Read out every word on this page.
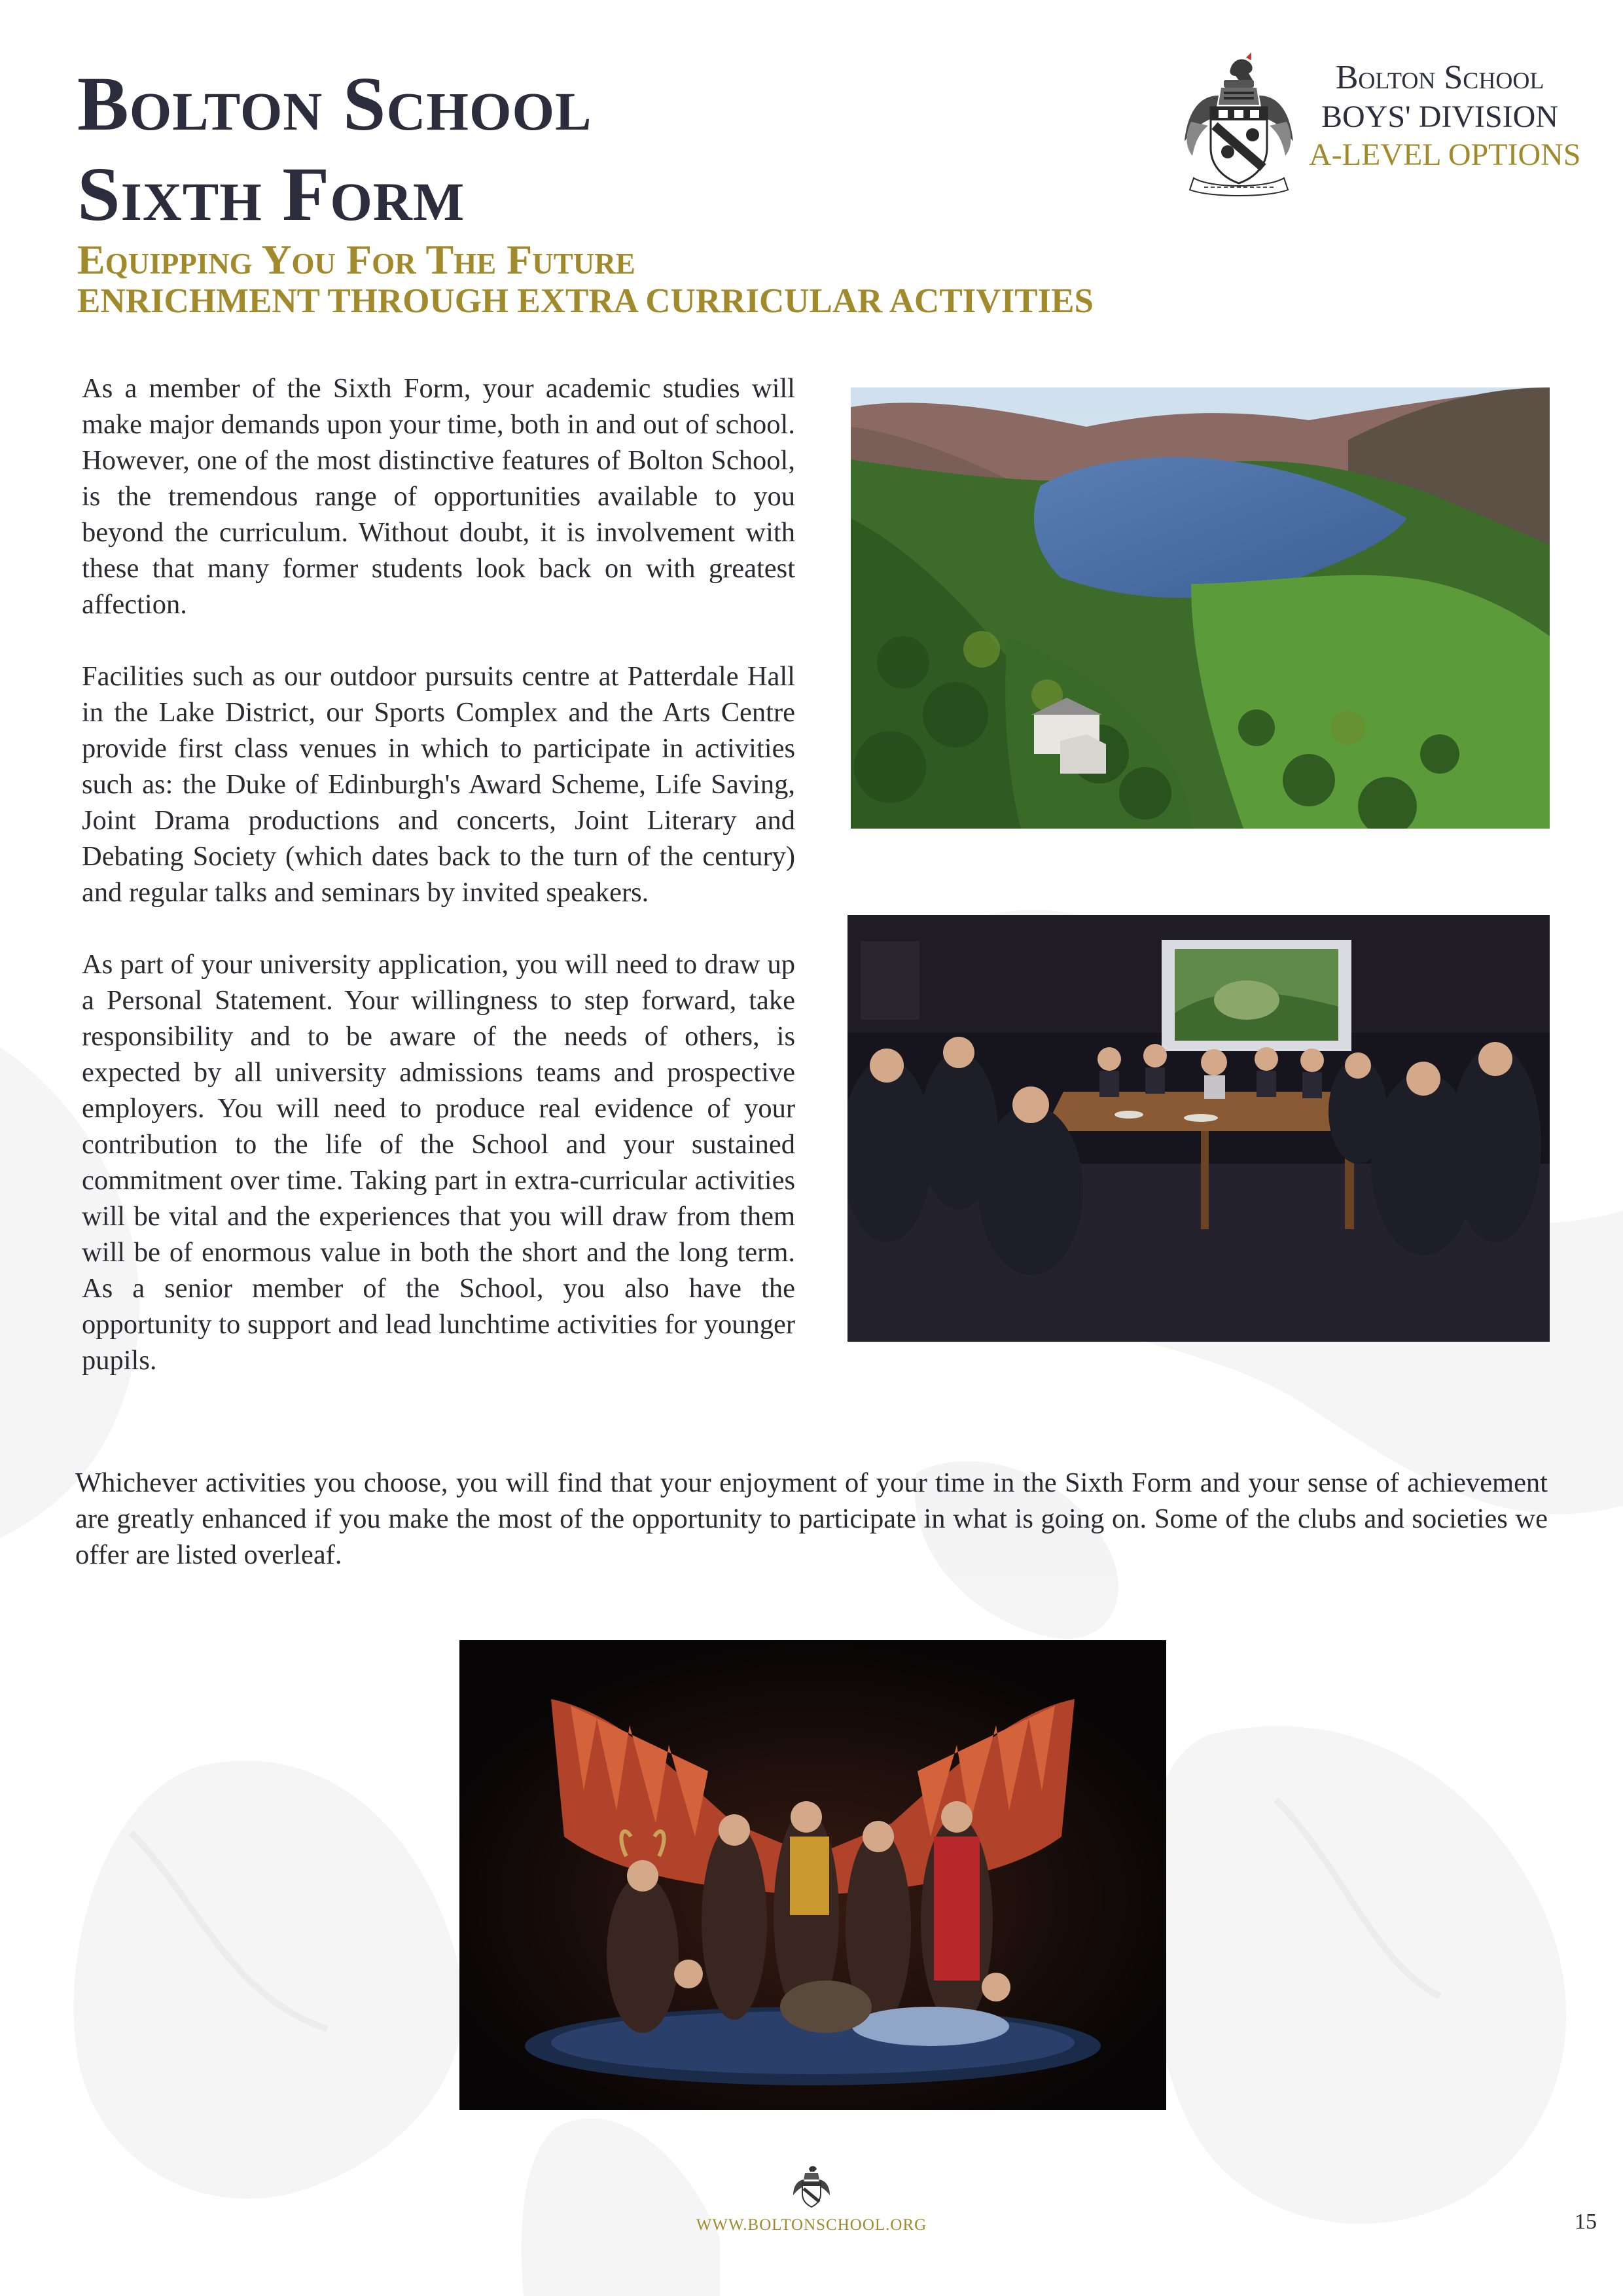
Bolton School
Sixth Form
Bolton School
BOYS' DIVISION
A-LEVEL OPTIONS
Equipping You For The Future
ENRICHMENT THROUGH EXTRA CURRICULAR ACTIVITIES

As a member of the Sixth Form, your academic studies will make major demands upon your time, both in and out of school. However, one of the most distinctive features of Bolton School, is the tremendous range of opportunities available to you beyond the curriculum. Without doubt, it is involvement with these that many former students look back on with greatest affection.

Facilities such as our outdoor pursuits centre at Patterdale Hall in the Lake District, our Sports Complex and the Arts Centre provide first class venues in which to participate in activities such as: the Duke of Edinburgh's Award Scheme, Life Saving, Joint Drama productions and concerts, Joint Literary and Debating Society (which dates back to the turn of the century) and regular talks and seminars by invited speakers.

As part of your university application, you will need to draw up a Personal Statement. Your willingness to step forward, take responsibility and to be aware of the needs of others, is expected by all university admissions teams and prospective employers. You will need to produce real evidence of your contribution to the life of the School and your sustained commitment over time. Taking part in extra-curricular activities will be vital and the experiences that you will draw from them will be of enormous value in both the short and the long term. As a senior member of the School, you also have the opportunity to support and lead lunchtime activities for younger pupils.

Whichever activities you choose, you will find that your enjoyment of your time in the Sixth Form and your sense of achievement are greatly enhanced if you make the most of the opportunity to participate in what is going on. Some of the clubs and societies we offer are listed overleaf.

WWW.BOLTONSCHOOL.ORG	15
